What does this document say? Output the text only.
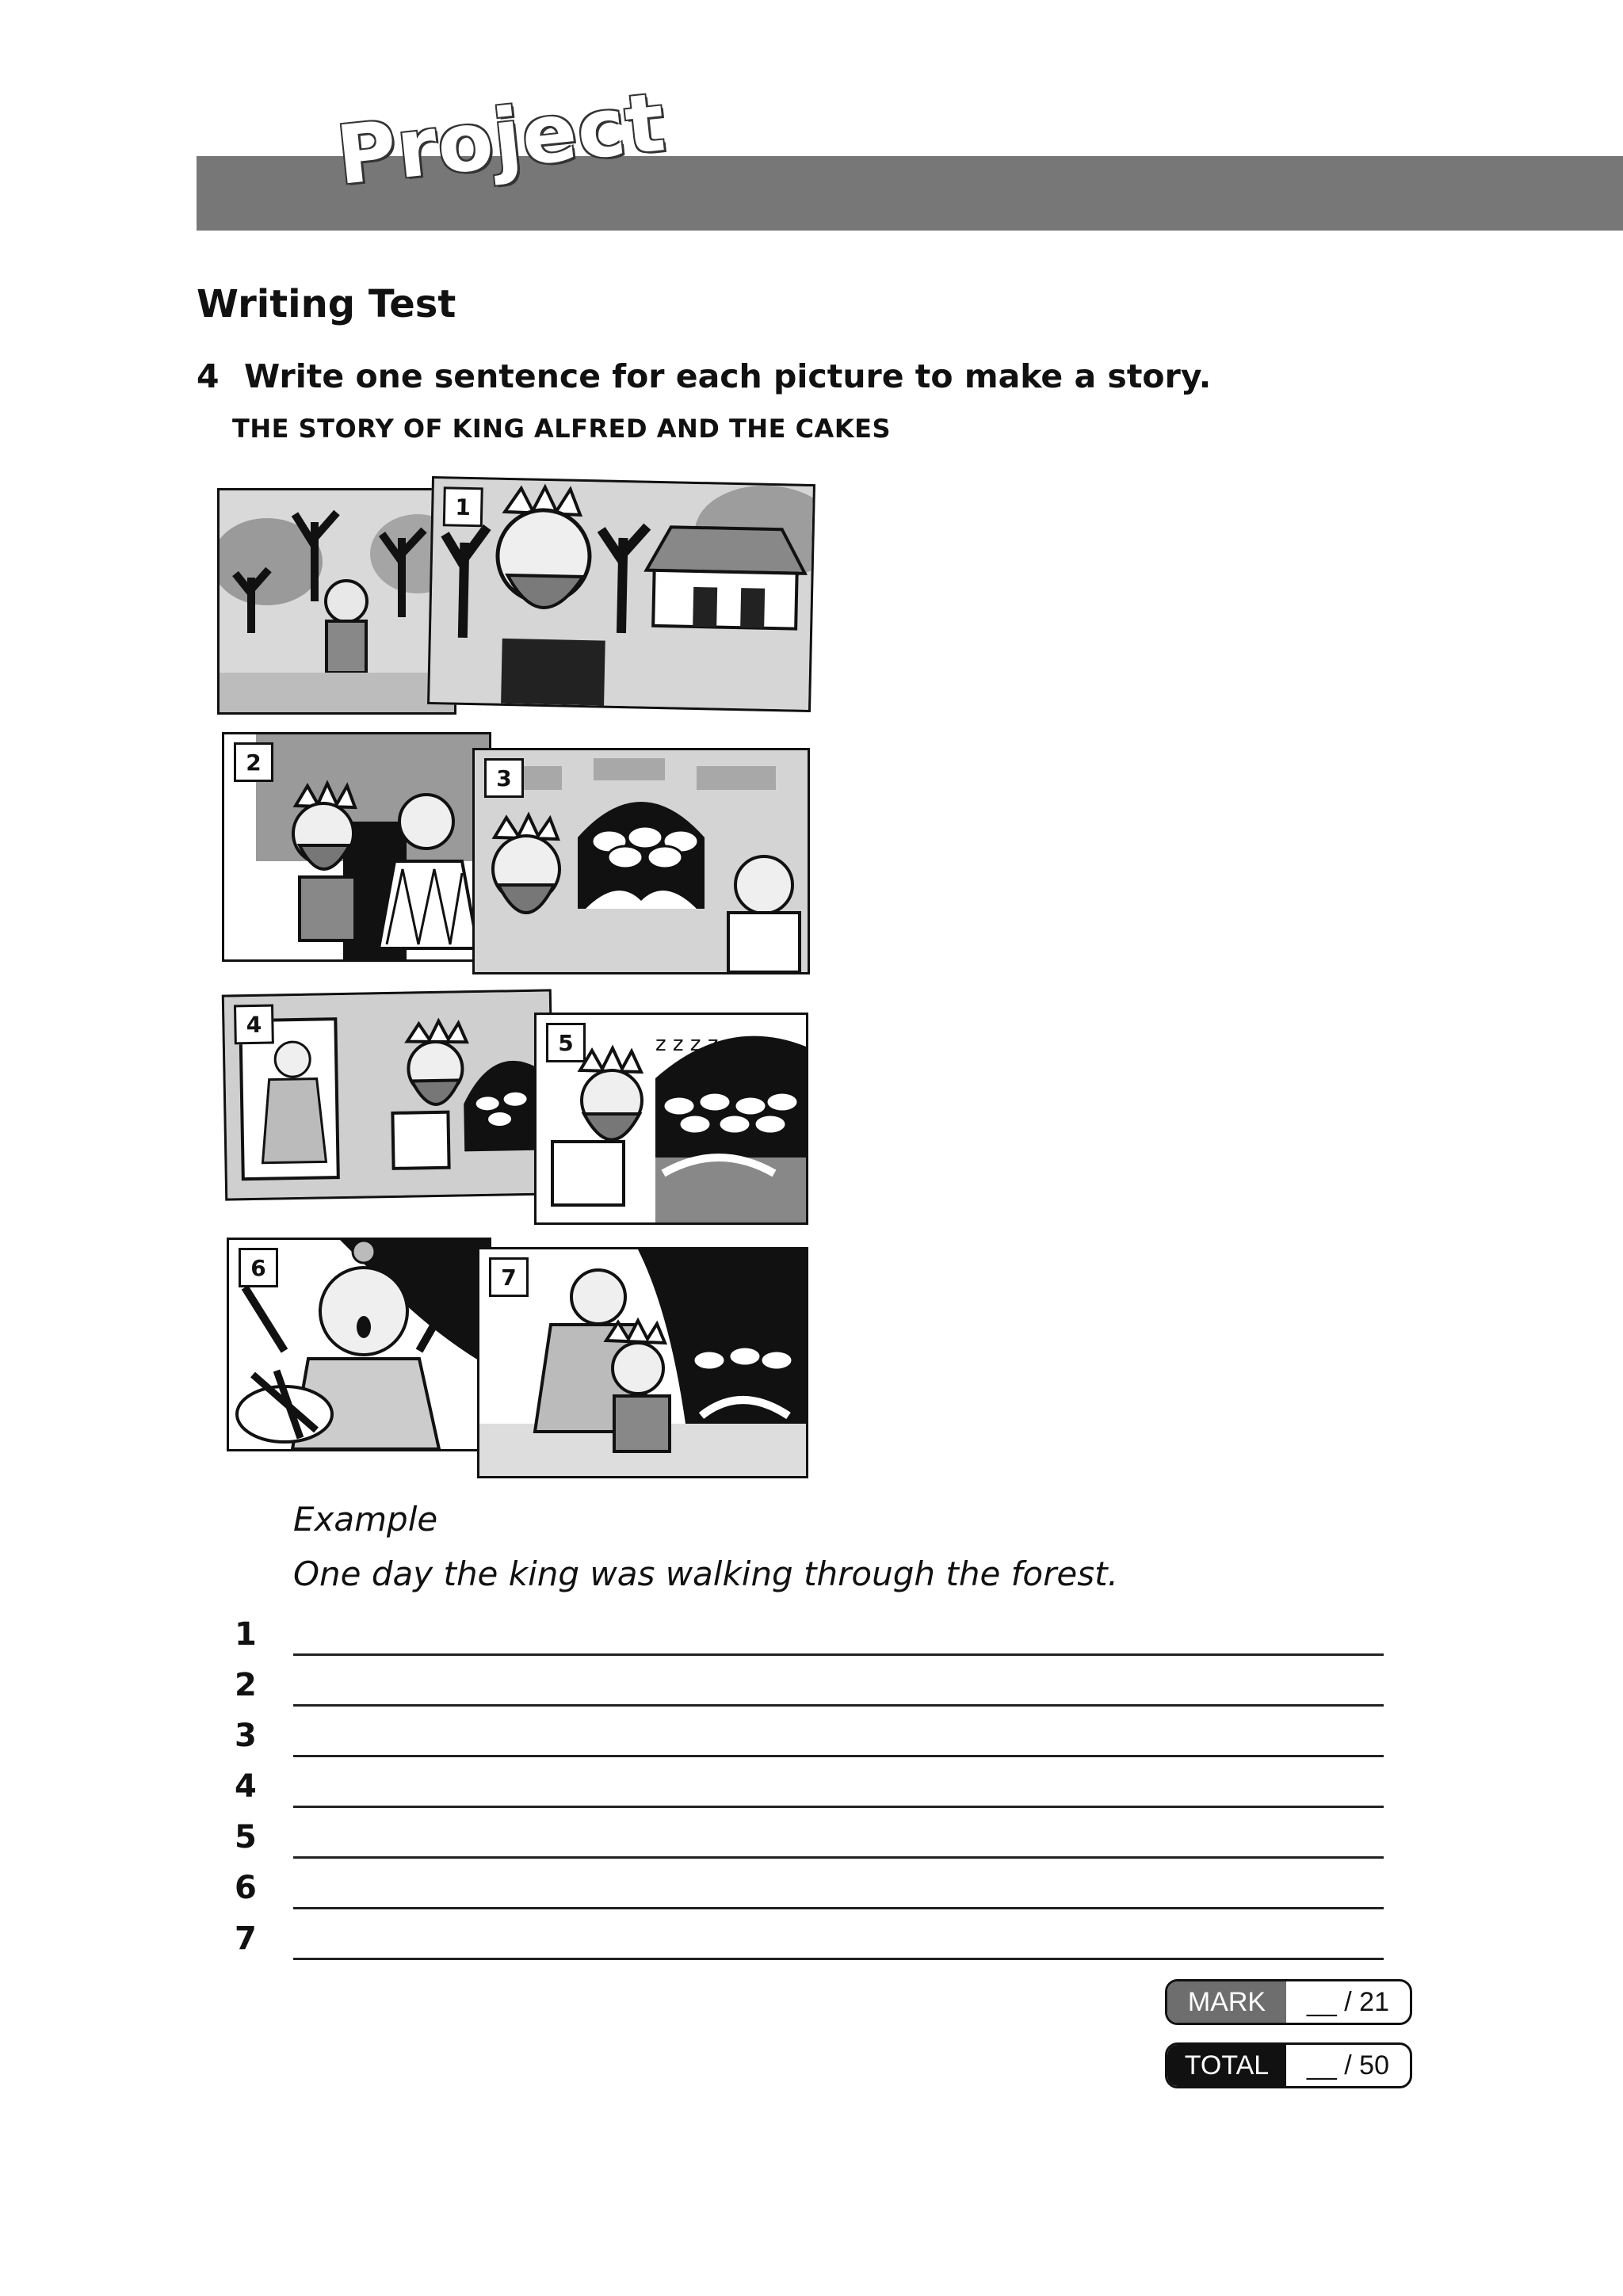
Project
Writing Test
4 Write one sentence for each picture to make a story.
THE STORY OF KING ALFRED AND THE CAKES
1
2
3
4
z z z z
5
6	7
Example
One day the king was walking through the forest.
1
2
3
4
5
6
7
MARK	__ / 21
TOTAL	__ / 50
